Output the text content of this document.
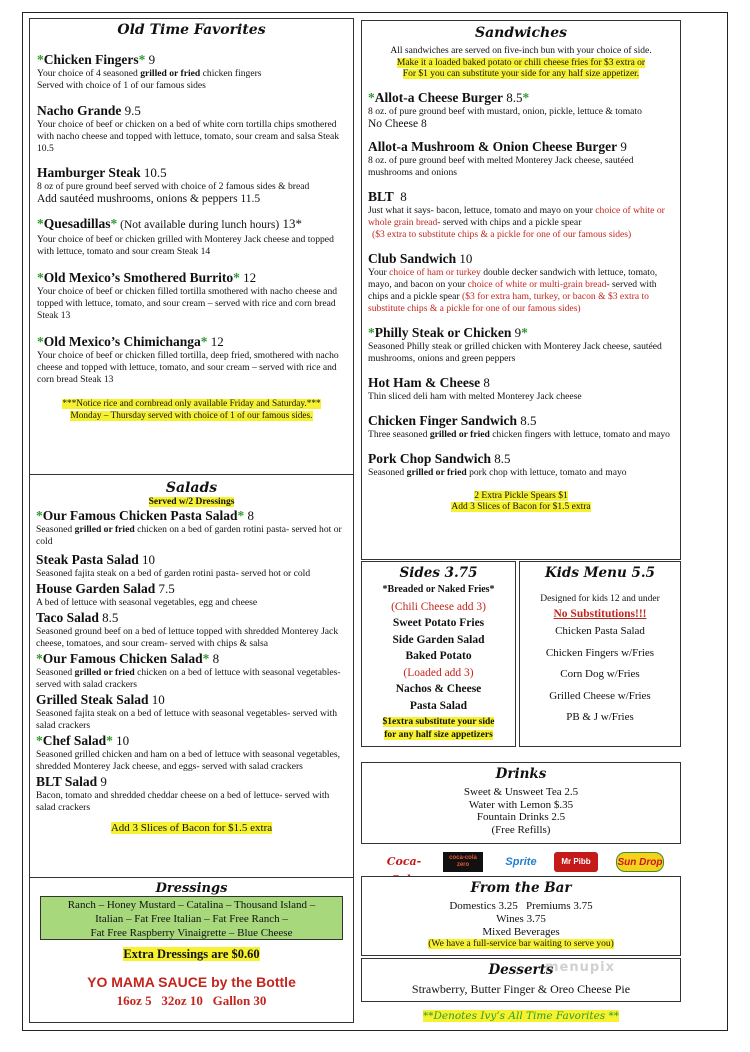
Old Time Favorites

*Chicken Fingers* 9
Your choice of 4 seasoned grilled or fried chicken fingers
Served with choice of 1 of our famous sides
Nacho Grande 9.5
Your choice of beef or chicken on a bed of white corn tortilla chips smothered with nacho cheese and topped with lettuce, tomato, sour cream and salsa Steak 10.5
Hamburger Steak 10.5
8 oz of pure ground beef served with choice of 2 famous sides & bread
Add sautéed mushrooms, onions & peppers 11.5
*Quesadillas* (Not available during lunch hours) 13*
Your choice of beef or chicken grilled with Monterey Jack cheese and topped with lettuce, tomato and sour cream Steak 14
*Old Mexico’s Smothered Burrito* 12
Your choice of beef or chicken filled tortilla smothered with nacho cheese and topped with lettuce, tomato, and sour cream – served with rice and corn bread Steak 13
*Old Mexico’s Chimichanga* 12
Your choice of beef or chicken filled tortilla, deep fried, smothered with nacho cheese and topped with lettuce, tomato, and sour cream – served with rice and corn bread Steak 13
***Notice rice and cornbread only available Friday and Saturday.***
Monday – Thursday served with choice of 1 of our famous sides.

Salads

Served w/2 Dressings
*Our Famous Chicken Pasta Salad* 8
Seasoned grilled or fried chicken on a bed of garden rotini pasta- served hot or cold
Steak Pasta Salad 10
Seasoned fajita steak on a bed of garden rotini pasta- served hot or cold
House Garden Salad 7.5
A bed of lettuce with seasonal vegetables, egg and cheese
Taco Salad 8.5
Seasoned ground beef on a bed of lettuce topped with shredded Monterey Jack cheese, tomatoes, and sour cream- served with chips & salsa
*Our Famous Chicken Salad* 8
Seasoned grilled or fried chicken on a bed of lettuce with seasonal vegetables- served with salad crackers
Grilled Steak Salad 10
Seasoned fajita steak on a bed of lettuce with seasonal vegetables- served with salad crackers
*Chef Salad* 10
Seasoned grilled chicken and ham on a bed of lettuce with seasonal vegetables, shredded Monterey Jack cheese, and eggs- served with salad crackers
BLT Salad 9
Bacon, tomato and shredded cheddar cheese on a bed of lettuce- served with salad crackers
Add 3 Slices of Bacon for $1.5 extra

Dressings

Ranch – Honey Mustard – Catalina – Thousand Island –
Italian – Fat Free Italian – Fat Free Ranch –
Fat Free Raspberry Vinaigrette – Blue Cheese
Extra Dressings are $0.60
YO MAMA SAUCE by the Bottle
16oz 5   32oz 10   Gallon 30

Sandwiches

All sandwiches are served on five-inch bun with your choice of side.
Make it a loaded baked potato or chili cheese fries for $3 extra or
For $1 you can substitute your side for any half size appetizer.
*Allot-a Cheese Burger 8.5*
8 oz. of pure ground beef with mustard, onion, pickle, lettuce & tomato
No Cheese 8
Allot-a Mushroom & Onion Cheese Burger 9
8 oz. of pure ground beef with melted Monterey Jack cheese, sautéed mushrooms and onions
BLT  8
Just what it says- bacon, lettuce, tomato and mayo on your choice of white or whole grain bread- served with chips and a pickle spear
($3 extra to substitute chips & a pickle for one of our famous sides)
Club Sandwich 10
Your choice of ham or turkey double decker sandwich with lettuce, tomato, mayo, and bacon on your choice of white or multi-grain bread- served with chips and a pickle spear ($3 for extra ham, turkey, or bacon & $3 extra to substitute chips & a pickle for one of our famous sides)
*Philly Steak or Chicken 9*
Seasoned Philly steak or grilled chicken with Monterey Jack cheese, sautéed mushrooms, onions and green peppers
Hot Ham & Cheese 8
Thin sliced deli ham with melted Monterey Jack cheese
Chicken Finger Sandwich 8.5
Three seasoned grilled or fried chicken fingers with lettuce, tomato and mayo
Pork Chop Sandwich 8.5
Seasoned grilled or fried pork chop with lettuce, tomato and mayo
2 Extra Pickle Spears $1
Add 3 Slices of Bacon for $1.5 extra

Sides 3.75

*Breaded or Naked Fries*
(Chili Cheese add 3)
Sweet Potato Fries
Side Garden Salad
Baked Potato
(Loaded add 3)
Nachos & Cheese
Pasta Salad
$1extra substitute your side
for any half size appetizers

Kids Menu 5.5

Designed for kids 12 and under
No Substitutions!!!
Chicken Pasta Salad
Chicken Fingers w/Fries
Corn Dog w/Fries
Grilled Cheese w/Fries
PB & J w/Fries

Drinks

Sweet & Unsweet Tea 2.5
Water with Lemon $.35
Fountain Drinks 2.5
(Free Refills)
Coca-	coca-cola zero	Sprite	Mr Pibb	Sun Drop

From the Bar

Domestics 3.25   Premiums 3.75
Wines 3.75
Mixed Beverages
(We have a full-service bar waiting to serve you)

Desserts

Strawberry, Butter Finger & Oreo Cheese Pie
menupix
**Denotes Ivy’s All Time Favorites **
